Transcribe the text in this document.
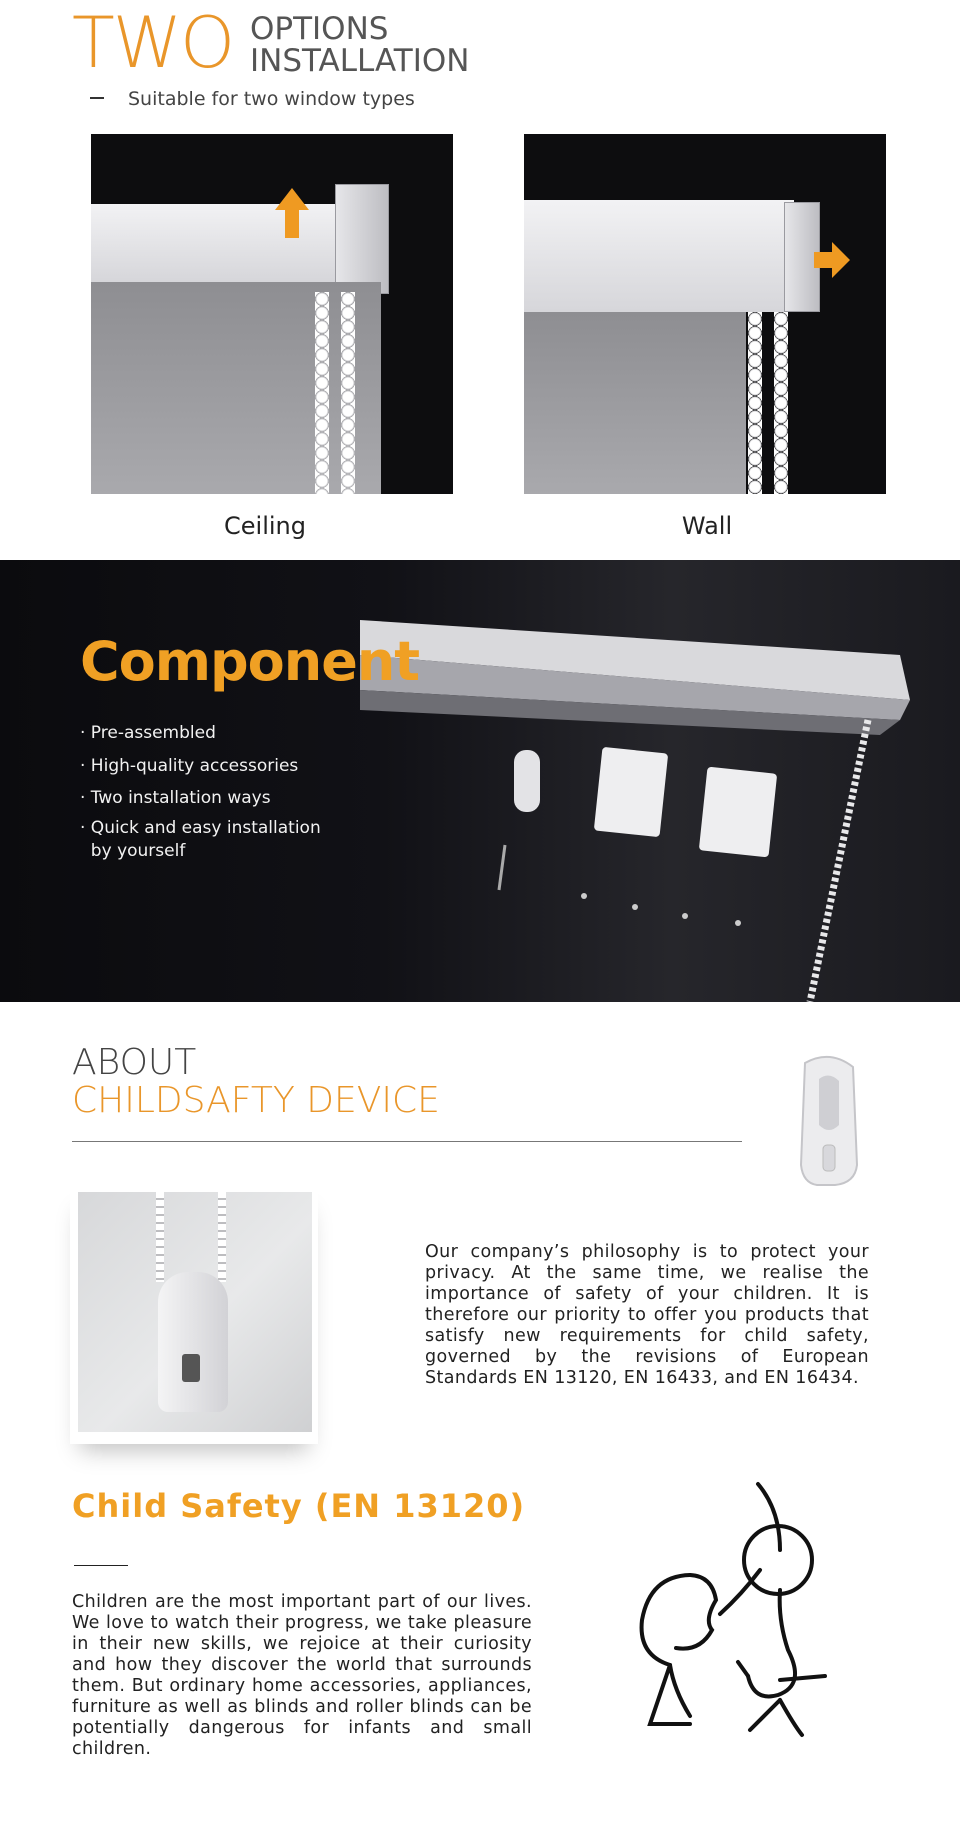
TWO OPTIONS
INSTALLATION
Suitable for two window types
Ceiling	Wall
Component
· Pre-assembled
· High-quality accessories
· Two installation ways
· Quick and easy installation
by yourself
ABOUT
CHILDSAFTY DEVICE
Our company’s philosophy is to protect your privacy. At the same time, we realise the importance of safety of your children. It is therefore our priority to offer you products that satisfy new requirements for child safety, governed by the revisions of European Standards EN 13120, EN 16433, and EN 16434.
Child Safety (EN 13120)
Children are the most important part of our lives. We love to watch their progress, we take pleasure in their new skills, we rejoice at their curiosity and how they discover the world that surrounds them. But ordinary home accessories, appliances, furniture as well as blinds and roller blinds can be potentially dangerous for infants and small children.
